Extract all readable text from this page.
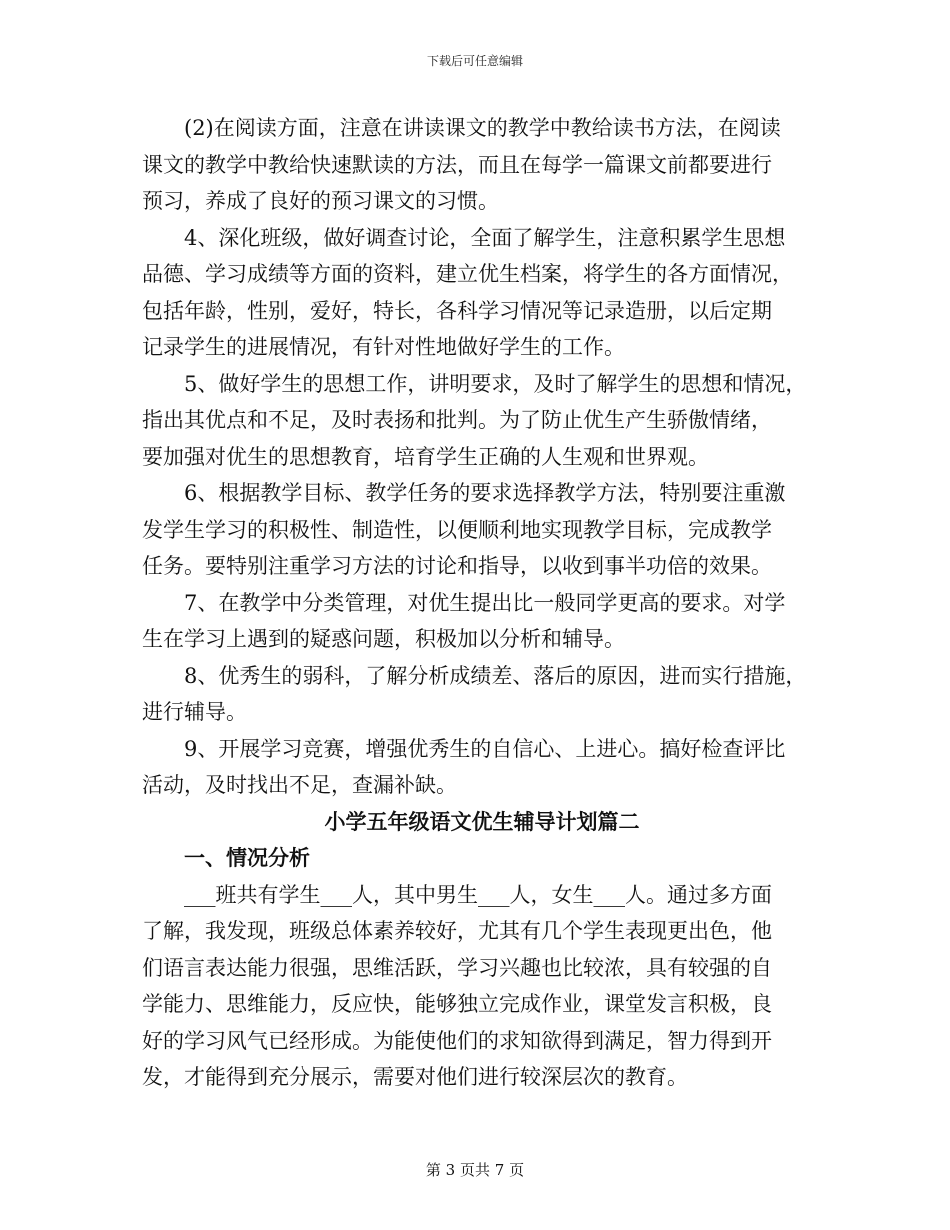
下载后可任意编辑
(2)在阅读方面，注意在讲读课文的教学中教给读书方法，在阅读
课文的教学中教给快速默读的方法，而且在每学一篇课文前都要进行
预习，养成了良好的预习课文的习惯。
4、深化班级，做好调查讨论，全面了解学生，注意积累学生思想
品德、学习成绩等方面的资料，建立优生档案，将学生的各方面情况，
包括年龄，性别，爱好，特长，各科学习情况等记录造册，以后定期
记录学生的进展情况，有针对性地做好学生的工作。
5、做好学生的思想工作，讲明要求，及时了解学生的思想和情况，
指出其优点和不足，及时表扬和批判。为了防止优生产生骄傲情绪，
要加强对优生的思想教育，培育学生正确的人生观和世界观。
6、根据教学目标、教学任务的要求选择教学方法，特别要注重激
发学生学习的积极性、制造性，以便顺利地实现教学目标，完成教学
任务。要特别注重学习方法的讨论和指导，以收到事半功倍的效果。
7、在教学中分类管理，对优生提出比一般同学更高的要求。对学
生在学习上遇到的疑惑问题，积极加以分析和辅导。
8、优秀生的弱科，了解分析成绩差、落后的原因，进而实行措施，
进行辅导。
9、开展学习竞赛，增强优秀生的自信心、上进心。搞好检查评比
活动，及时找出不足，查漏补缺。
小学五年级语文优生辅导计划篇二
一、情况分析
___班共有学生___人，其中男生___人，女生___人。通过多方面
了解，我发现，班级总体素养较好，尤其有几个学生表现更出色，他
们语言表达能力很强，思维活跃，学习兴趣也比较浓，具有较强的自
学能力、思维能力，反应快，能够独立完成作业，课堂发言积极，良
好的学习风气已经形成。为能使他们的求知欲得到满足，智力得到开
发，才能得到充分展示，需要对他们进行较深层次的教育。
第 3 页共 7 页
